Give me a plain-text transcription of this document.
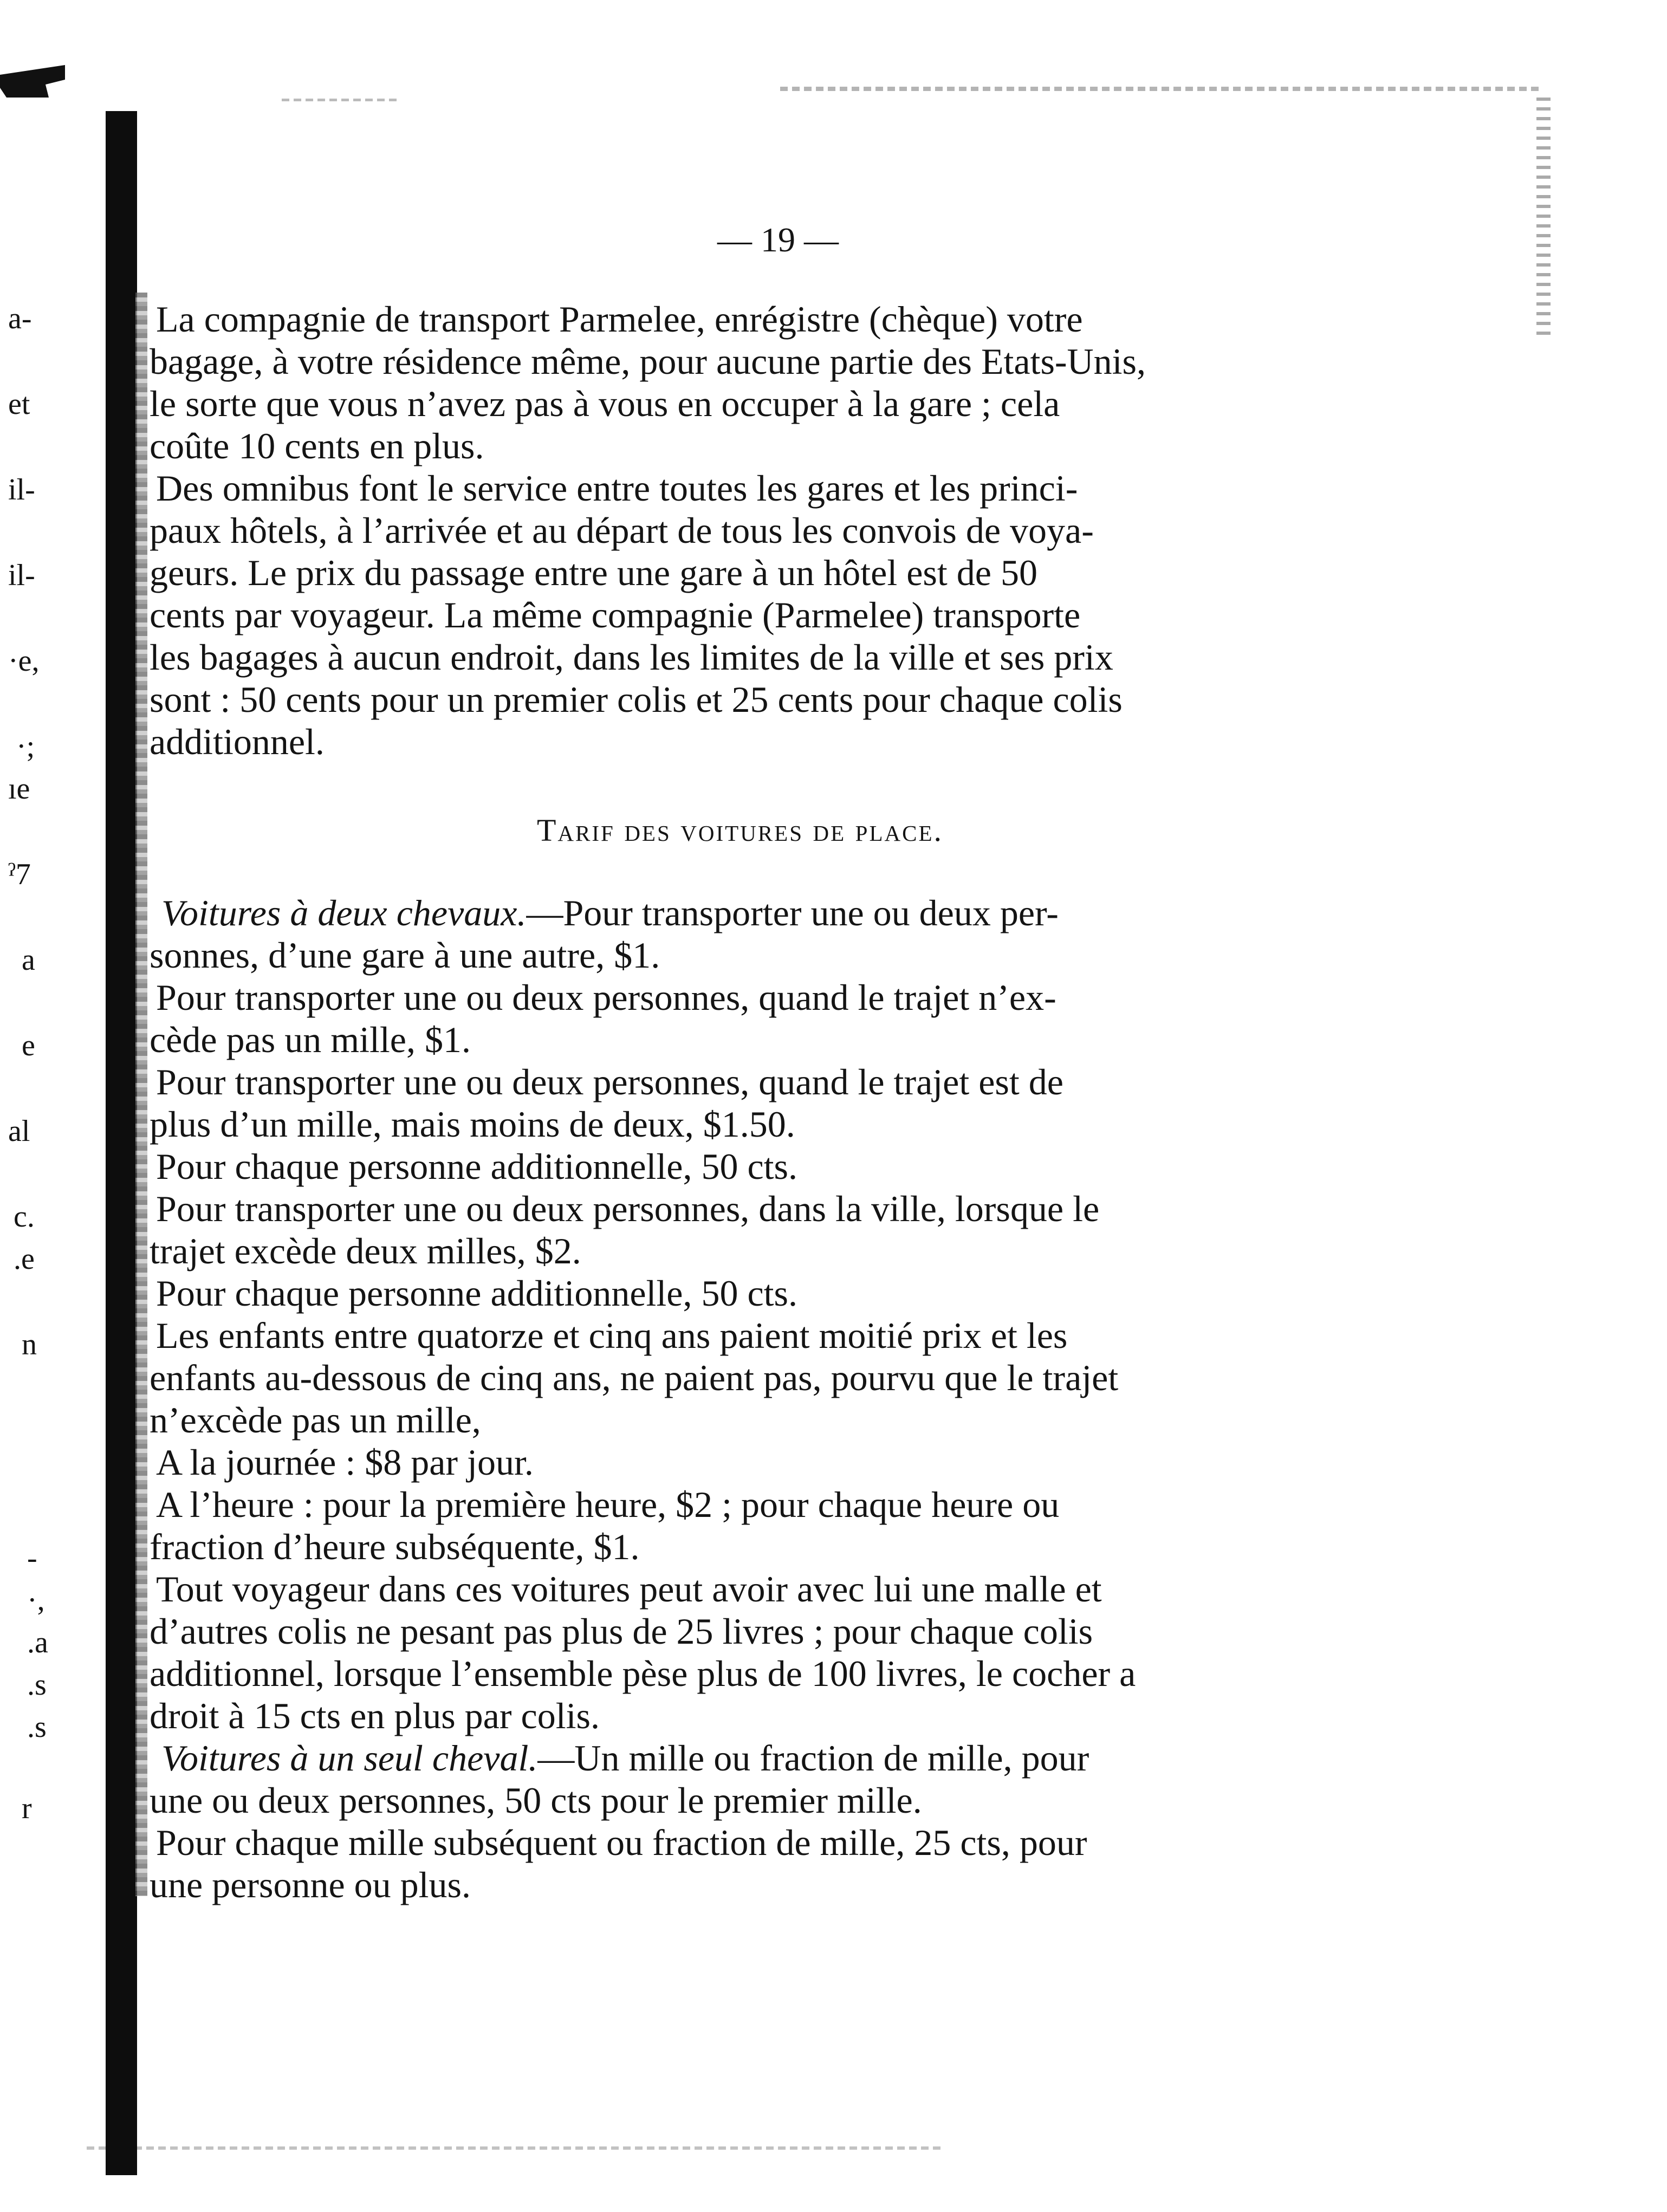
a-
et
il-
il-
·e,
·;
ıe
ˀ7
a
e
al
c.
.e
n
-
·,
.a
.s
.s
r
— 19 —
La compagnie de transport Parmelee, enrégistre (chèque) votre
bagage, à votre résidence même, pour aucune partie des Etats-Unis,
le sorte que vous n’avez pas à vous en occuper à la gare ; cela
coûte 10 cents en plus.
Des omnibus font le service entre toutes les gares et les princi-
paux hôtels, à l’arrivée et au départ de tous les convois de voya-
geurs. Le prix du passage entre une gare à un hôtel est de 50
cents par voyageur. La même compagnie (Parmelee) transporte
les bagages à aucun endroit, dans les limites de la ville et ses prix
sont : 50 cents pour un premier colis et 25 cents pour chaque colis
additionnel.
Tarif des voitures de place.
Voitures à deux chevaux.—Pour transporter une ou deux per-
sonnes, d’une gare à une autre, $1.
Pour transporter une ou deux personnes, quand le trajet n’ex-
cède pas un mille, $1.
Pour transporter une ou deux personnes, quand le trajet est de
plus d’un mille, mais moins de deux, $1.50.
Pour chaque personne additionnelle, 50 cts.
Pour transporter une ou deux personnes, dans la ville, lorsque le
trajet excède deux milles, $2.
Pour chaque personne additionnelle, 50 cts.
Les enfants entre quatorze et cinq ans paient moitié prix et les
enfants au-dessous de cinq ans, ne paient pas, pourvu que le trajet
n’excède pas un mille,
A la journée : $8 par jour.
A l’heure : pour la première heure, $2 ; pour chaque heure ou
fraction d’heure subséquente, $1.
Tout voyageur dans ces voitures peut avoir avec lui une malle et
d’autres colis ne pesant pas plus de 25 livres ; pour chaque colis
additionnel, lorsque l’ensemble pèse plus de 100 livres, le cocher a
droit à 15 cts en plus par colis.
Voitures à un seul cheval.—Un mille ou fraction de mille, pour
une ou deux personnes, 50 cts pour le premier mille.
Pour chaque mille subséquent ou fraction de mille, 25 cts, pour
une personne ou plus.
